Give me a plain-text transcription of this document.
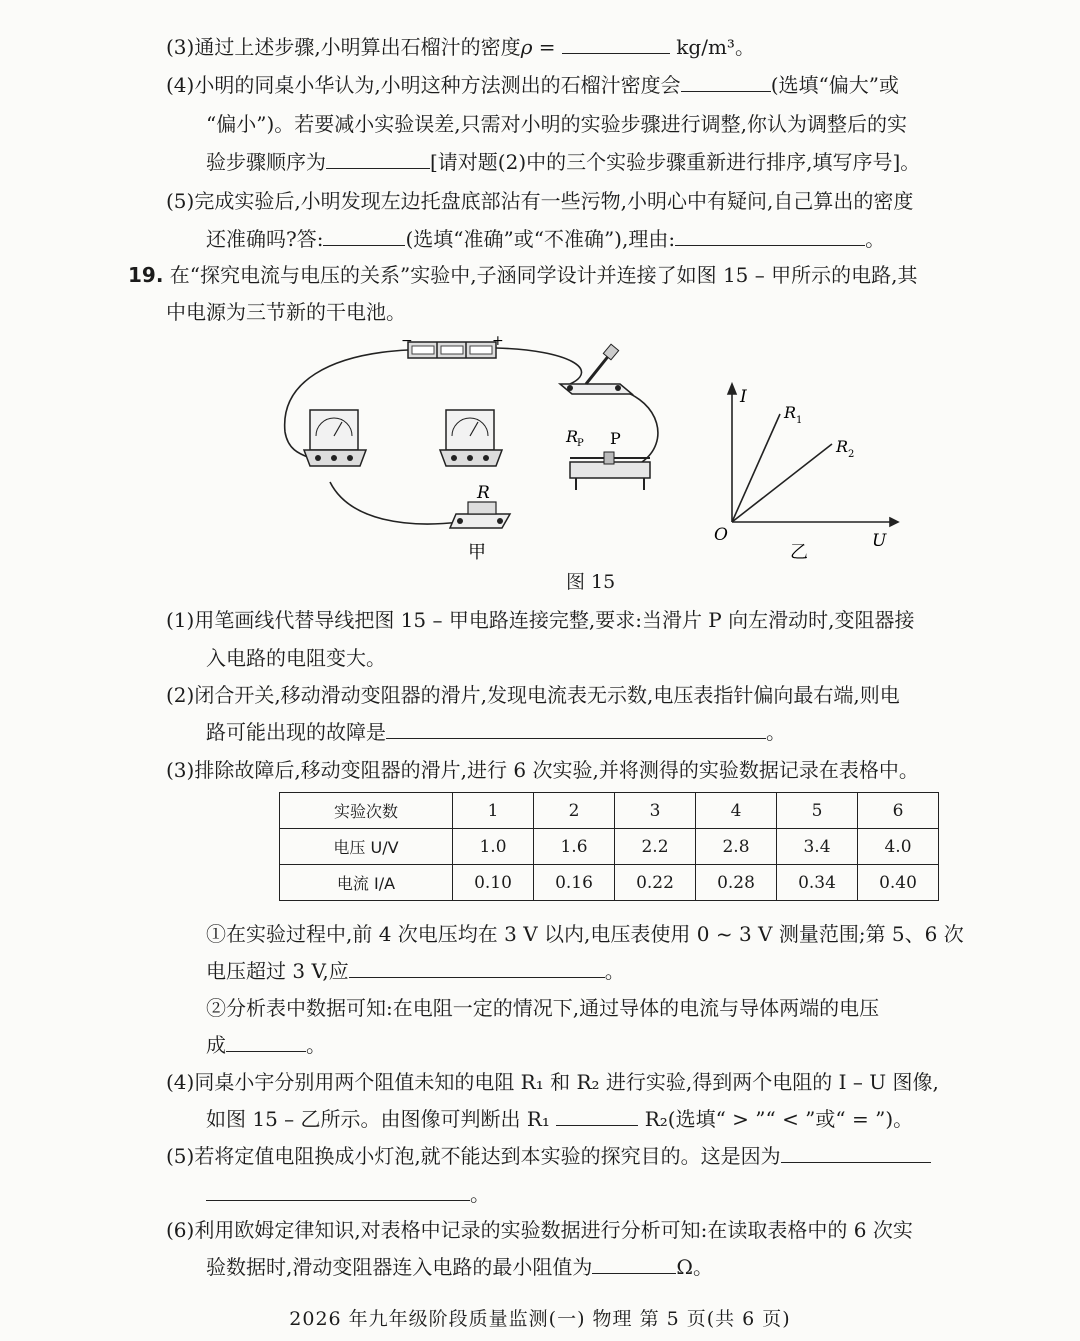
(3)通过上述步骤,小明算出石榴汁的密度ρ =	kg/m³。
(4)小明的同桌小华认为,小明这种方法测出的石榴汁密度会	(选填“偏大”或
“偏小”)。若要减小实验误差,只需对小明的实验步骤进行调整,你认为调整后的实
验步骤顺序为	[请对题(2)中的三个实验步骤重新进行排序,填写序号]。
(5)完成实验后,小明发现左边托盘底部沾有一些污物,小明心中有疑问,自己算出的密度
还准确吗?答:	(选填“准确”或“不准确”),理由:	。
19. 在“探究电流与电压的关系”实验中,子涵同学设计并连接了如图 15 – 甲所示的电路,其
中电源为三节新的干电池。
−	+
R
P P
R
甲
I
U
O
R 1
R 2
乙
图 15
(1)用笔画线代替导线把图 15 – 甲电路连接完整,要求:当滑片 P 向左滑动时,变阻器接
入电路的电阻变大。
(2)闭合开关,移动滑动变阻器的滑片,发现电流表无示数,电压表指针偏向最右端,则电
路可能出现的故障是	。
(3)排除故障后,移动变阻器的滑片,进行 6 次实验,并将测得的实验数据记录在表格中。
实验次数	1	2	3	4	5	6
电压 U/V	1.0	1.6	2.2	2.8	3.4	4.0
电流 I/A	0.10	0.16	0.22	0.28	0.34	0.40
①在实验过程中,前 4 次电压均在 3 V 以内,电压表使用 0 ~ 3 V 测量范围;第 5、6 次
电压超过 3 V,应	。
②分析表中数据可知:在电阻一定的情况下,通过导体的电流与导体两端的电压
成	。
(4)同桌小宇分别用两个阻值未知的电阻 R₁ 和 R₂ 进行实验,得到两个电阻的 I – U 图像,
如图 15 – 乙所示。由图像可判断出 R₁	R₂(选填“ > ”“ < ”或“ = ”)。
(5)若将定值电阻换成小灯泡,就不能达到本实验的探究目的。这是因为
。
(6)利用欧姆定律知识,对表格中记录的实验数据进行分析可知:在读取表格中的 6 次实
验数据时,滑动变阻器连入电路的最小阻值为	Ω。
2026 年九年级阶段质量监测(一) 物理 第 5 页(共 6 页)
